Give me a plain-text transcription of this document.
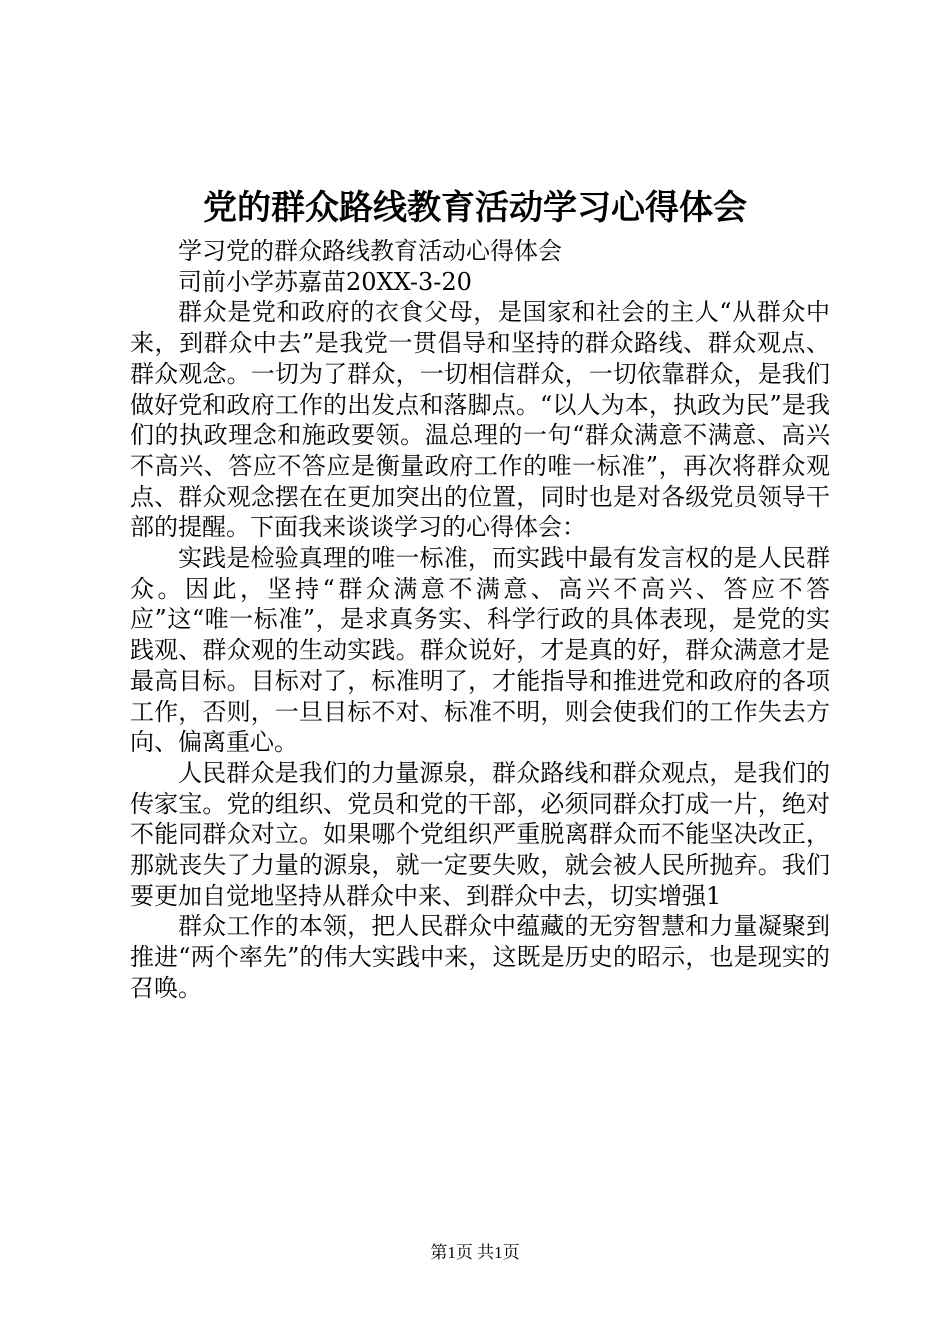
党的群众路线教育活动学习心得体会

学习党的群众路线教育活动心得体会

司前小学苏嘉苗20XX-3-20

群众是党和政府的衣食父母，是国家和社会的主人“从群众中来，到群众中去”是我党一贯倡导和坚持的群众路线、群众观点、群众观念。一切为了群众，一切相信群众，一切依靠群众，是我们做好党和政府工作的出发点和落脚点。“以人为本，执政为民”是我们的执政理念和施政要领。温总理的一句“群众满意不满意、高兴不高兴、答应不答应是衡量政府工作的唯一标准”，再次将群众观点、群众观念摆在在更加突出的位置，同时也是对各级党员领导干部的提醒。下面我来谈谈学习的心得体会：

实践是检验真理的唯一标准，而实践中最有发言权的是人民群众。因此，坚持“群众满意不满意、高兴不高兴、答应不答应”这“唯一标准”，是求真务实、科学行政的具体表现，是党的实践观、群众观的生动实践。群众说好，才是真的好，群众满意才是最高目标。目标对了，标准明了，才能指导和推进党和政府的各项工作，否则，一旦目标不对、标准不明，则会使我们的工作失去方向、偏离重心。

人民群众是我们的力量源泉，群众路线和群众观点，是我们的传家宝。党的组织、党员和党的干部，必须同群众打成一片，绝对不能同群众对立。如果哪个党组织严重脱离群众而不能坚决改正，那就丧失了力量的源泉，就一定要失败，就会被人民所抛弃。我们要更加自觉地坚持从群众中来、到群众中去，切实增强1

群众工作的本领，把人民群众中蕴藏的无穷智慧和力量凝聚到推进“两个率先”的伟大实践中来，这既是历史的昭示，也是现实的召唤。

第1页 共1页
